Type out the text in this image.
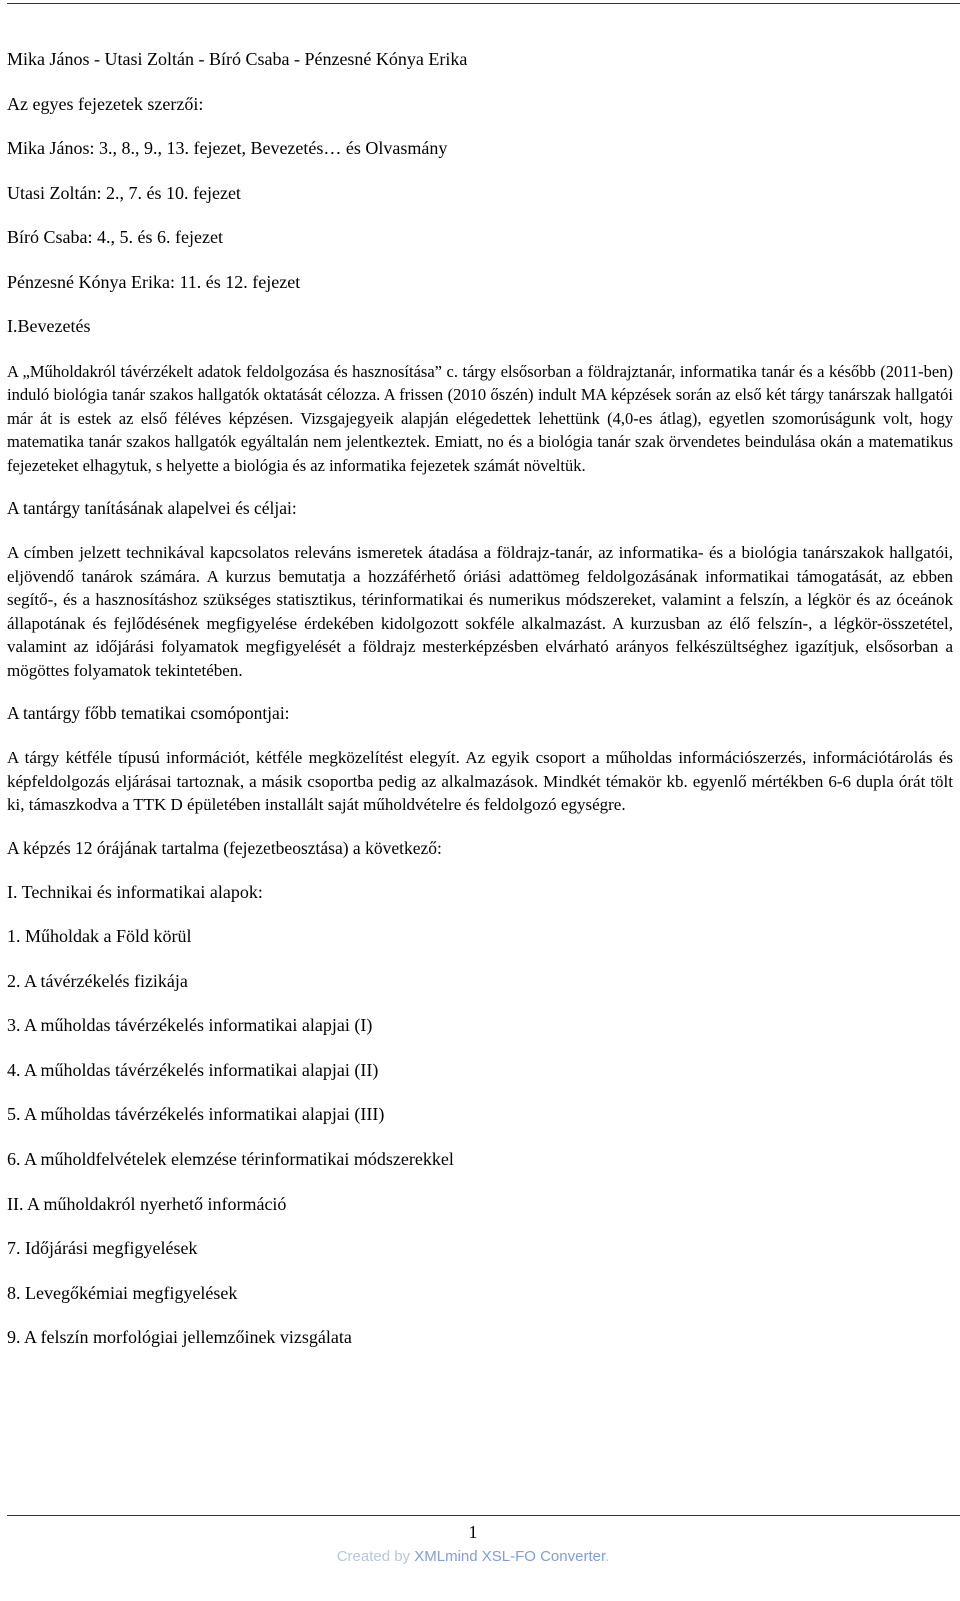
Mika János - Utasi Zoltán - Bíró Csaba - Pénzesné Kónya Erika
Az egyes fejezetek szerzői:
Mika János: 3., 8., 9., 13. fejezet, Bevezetés… és Olvasmány
Utasi Zoltán: 2., 7. és 10. fejezet
Bíró Csaba: 4., 5. és 6. fejezet
Pénzesné Kónya Erika: 11. és 12. fejezet
I.Bevezetés

A „Műholdakról távérzékelt adatok feldolgozása és hasznosítása” c. tárgy elsősorban a földrajztanár, informatika tanár és a később (2011-ben) induló biológia tanár szakos hallgatók oktatását célozza. A frissen (2010 őszén) indult MA képzések során az első két tárgy tanárszak hallgatói már át is estek az első féléves képzésen. Vizsgajegyeik alapján elégedettek lehettünk (4,0-es átlag), egyetlen szomorúságunk volt, hogy matematika tanár szakos hallgatók egyáltalán nem jelentkeztek. Emiatt, no és a biológia tanár szak örvendetes beindulása okán a matematikus fejezeteket elhagytuk, s helyette a biológia és az informatika fejezetek számát növeltük.

A tantárgy tanításának alapelvei és céljai:

A címben jelzett technikával kapcsolatos releváns ismeretek átadása a földrajz-tanár, az informatika- és a biológia tanárszakok hallgatói, eljövendő tanárok számára. A kurzus bemutatja a hozzáférhető óriási adattömeg feldolgozásának informatikai támogatását, az ebben segítő-, és a hasznosításhoz szükséges statisztikus, térinformatikai és numerikus módszereket, valamint a felszín, a légkör és az óceánok állapotának és fejlődésének megfigyelése érdekében kidolgozott sokféle alkalmazást. A kurzusban az élő felszín-, a légkör-összetétel, valamint az időjárási folyamatok megfigyelését a földrajz mesterképzésben elvárható arányos felkészültséghez igazítjuk, elsősorban a mögöttes folyamatok tekintetében.

A tantárgy főbb tematikai csomópontjai:

A tárgy kétféle típusú információt, kétféle megközelítést elegyít. Az egyik csoport a műholdas információszerzés, információtárolás és képfeldolgozás eljárásai tartoznak, a másik csoportba pedig az alkalmazások. Mindkét témakör kb. egyenlő mértékben 6-6 dupla órát tölt ki, támaszkodva a TTK D épületében installált saját műholdvételre és feldolgozó egységre.

A képzés 12 órájának tartalma (fejezetbeosztása) a következő:
I. Technikai és informatikai alapok:
1. Műholdak a Föld körül
2. A távérzékelés fizikája
3. A műholdas távérzékelés informatikai alapjai (I)
4. A műholdas távérzékelés informatikai alapjai (II)
5. A műholdas távérzékelés informatikai alapjai (III)
6. A műholdfelvételek elemzése térinformatikai módszerekkel
II. A műholdakról nyerhető információ
7. Időjárási megfigyelések
8. Levegőkémiai megfigyelések
9. A felszín morfológiai jellemzőinek vizsgálata
1
Created by XMLmind XSL-FO Converter.
